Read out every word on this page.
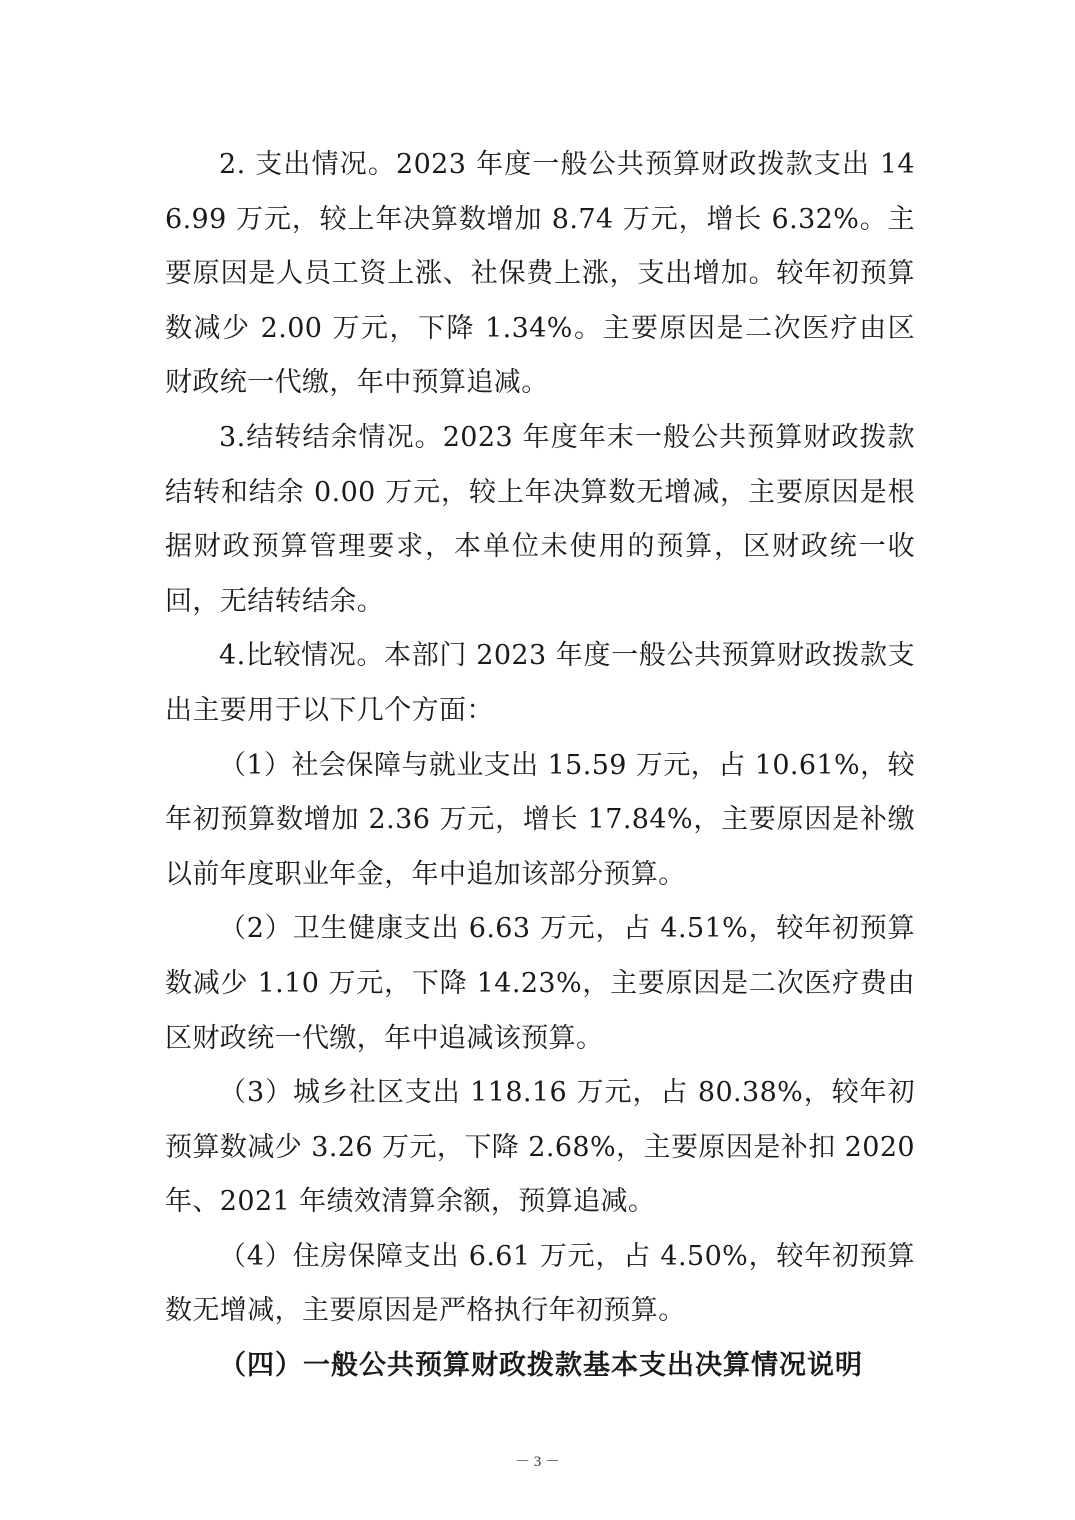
2. 支出情况。2023 年度一般公共预算财政拨款支出 146.99 万元，较上年决算数增加 8.74 万元，增长 6.32%。主要原因是人员工资上涨、社保费上涨，支出增加。较年初预算数减少 2.00 万元，下降 1.34%。主要原因是二次医疗由区财政统一代缴，年中预算追减。

3.结转结余情况。2023 年度年末一般公共预算财政拨款结转和结余 0.00 万元，较上年决算数无增减，主要原因是根据财政预算管理要求，本单位未使用的预算，区财政统一收回，无结转结余。

4.比较情况。本部门 2023 年度一般公共预算财政拨款支出主要用于以下几个方面：

（1）社会保障与就业支出 15.59 万元，占 10.61%，较年初预算数增加 2.36 万元，增长 17.84%，主要原因是补缴以前年度职业年金，年中追加该部分预算。

（2）卫生健康支出 6.63 万元，占 4.51%，较年初预算数减少 1.10 万元，下降 14.23%，主要原因是二次医疗费由区财政统一代缴，年中追减该预算。

（3）城乡社区支出 118.16 万元，占 80.38%，较年初预算数减少 3.26 万元，下降 2.68%，主要原因是补扣 2020 年、2021 年绩效清算余额，预算追减。

（4）住房保障支出 6.61 万元，占 4.50%，较年初预算数无增减，主要原因是严格执行年初预算。

（四）一般公共预算财政拨款基本支出决算情况说明

－ 3 －
